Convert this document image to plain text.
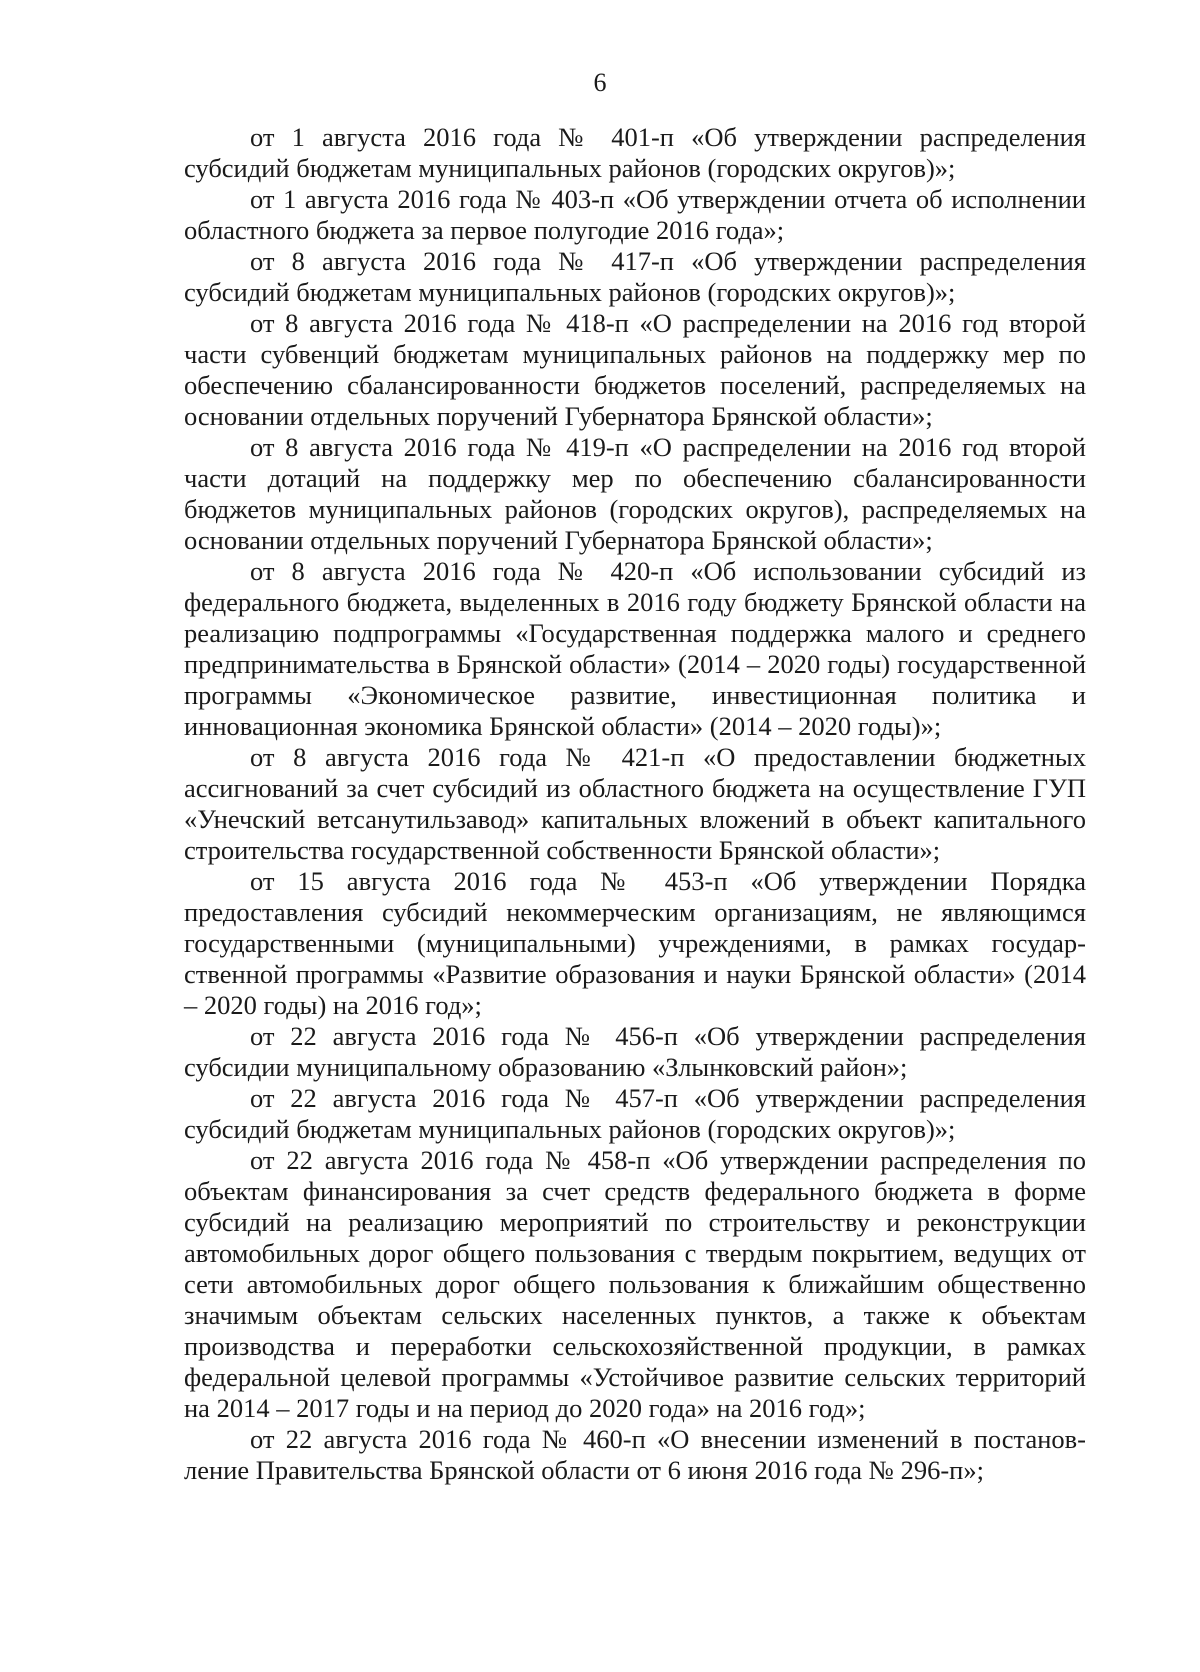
6

от 1 августа 2016 года № 401-п «Об утверждении распределения субсидий бюджетам муниципальных районов (городских округов)»;

от 1 августа 2016 года № 403-п «Об утверждении отчета об исполнении областного бюджета за первое полугодие 2016 года»;

от 8 августа 2016 года № 417-п «Об утверждении распределения субсидий бюджетам муниципальных районов (городских округов)»;

от 8 августа 2016 года № 418-п «О распределении на 2016 год второй части субвенций бюджетам муниципальных районов на поддержку мер по обеспечению сбалансированности бюджетов поселений, распределяемых на основании отдельных поручений Губернатора Брянской области»;

от 8 августа 2016 года № 419-п «О распределении на 2016 год второй части дотаций на поддержку мер по обеспечению сбалансированности бюджетов муниципальных районов (городских округов), распределяемых на основании отдельных поручений Губернатора Брянской области»;

от 8 августа 2016 года № 420-п «Об использовании субсидий из федерального бюджета, выделенных в 2016 году бюджету Брянской области на реализацию подпрограммы «Государственная поддержка малого и среднего предпринимательства в Брянской области» (2014 – 2020 годы) государственной программы «Экономическое развитие, инвестиционная политика и инновационная экономика Брянской области» (2014 – 2020 годы)»;

от 8 августа 2016 года № 421-п «О предоставлении бюджетных ассигнований за счет субсидий из областного бюджета на осуществление ГУП «Унечский ветсанутильзавод» капитальных вложений в объект капитального строительства государственной собственности Брянской области»;

от 15 августа 2016 года № 453-п «Об утверждении Порядка предоставления субсидий некоммерческим организациям, не являющимся государственными (муниципальными) учреждениями, в рамках государственной программы «Развитие образования и науки Брянской области» (2014 – 2020 годы) на 2016 год»;

от 22 августа 2016 года № 456-п «Об утверждении распределения субсидии муниципальному образованию «Злынковский район»;

от 22 августа 2016 года № 457-п «Об утверждении распределения субсидий бюджетам муниципальных районов (городских округов)»;

от 22 августа 2016 года № 458-п «Об утверждении распределения по объектам финансирования за счет средств федерального бюджета в форме субсидий на реализацию мероприятий по строительству и реконструкции автомобильных дорог общего пользования с твердым покрытием, ведущих от сети автомобильных дорог общего пользования к ближайшим общественно значимым объектам сельских населенных пунктов, а также к объектам производства и переработки сельскохозяйственной продукции, в рамках федеральной целевой программы «Устойчивое развитие сельских территорий на 2014 – 2017 годы и на период до 2020 года» на 2016 год»;

от 22 августа 2016 года № 460-п «О внесении изменений в постановление Правительства Брянской области от 6 июня 2016 года № 296-п»;
